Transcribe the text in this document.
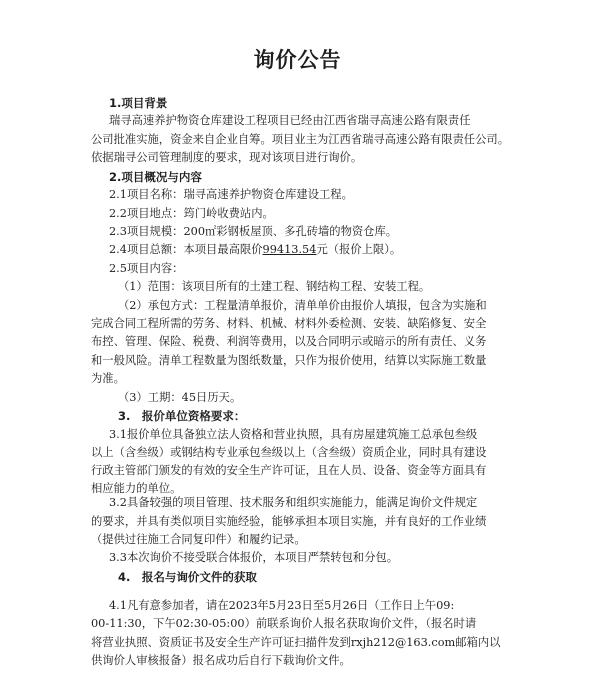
询价公告
1.项目背景
瑞寻高速养护物资仓库建设工程项目已经由江西省瑞寻高速公路有限责任
公司批准实施，资金来自企业自筹。项目业主为江西省瑞寻高速公路有限责任公司。
依据瑞寻公司管理制度的要求，现对该项目进行询价。
2.项目概况与内容
2.1项目名称：瑞寻高速养护物资仓库建设工程。
2.2项目地点：筠门岭收费站内。
2.3项目规模：200㎡彩钢板屋顶、多孔砖墙的物资仓库。
2.4项目总额：本项目最高限价99413.54元（报价上限）。
2.5项目内容：
（1）范围：该项目所有的土建工程、钢结构工程、安装工程。
（2）承包方式：工程量清单报价，清单单价由报价人填报，包含为实施和
完成合同工程所需的劳务、材料、机械、材料外委检测、安装、缺陷修复、安全
布控、管理、保险、税费、利润等费用，以及合同明示或暗示的所有责任、义务
和一般风险。清单工程数量为图纸数量，只作为报价使用，结算以实际施工数量
为准。
（3）工期：45日历天。
3.　报价单位资格要求：
3.1报价单位具备独立法人资格和营业执照，具有房屋建筑施工总承包叁级
以上（含叁级）或钢结构专业承包叁级以上（含叁级）资质企业，同时具有建设
行政主管部门颁发的有效的安全生产许可证，且在人员、设备、资金等方面具有
相应能力的单位。
3.2具备较强的项目管理、技术服务和组织实施能力，能满足询价文件规定
的要求，并具有类似项目实施经验，能够承担本项目实施，并有良好的工作业绩
（提供过往施工合同复印件）和履约记录。
3.3本次询价不接受联合体报价，本项目严禁转包和分包。
4.　报名与询价文件的获取
4.1凡有意参加者，请在2023年5月23日至5月26日（工作日上午09:
00-11:30，下午02:30-05:00）前联系询价人报名获取询价文件，（报名时请
将营业执照、资质证书及安全生产许可证扫描件发到rxjh212@163.com邮箱内以
供询价人审核报备）报名成功后自行下载询价文件。
